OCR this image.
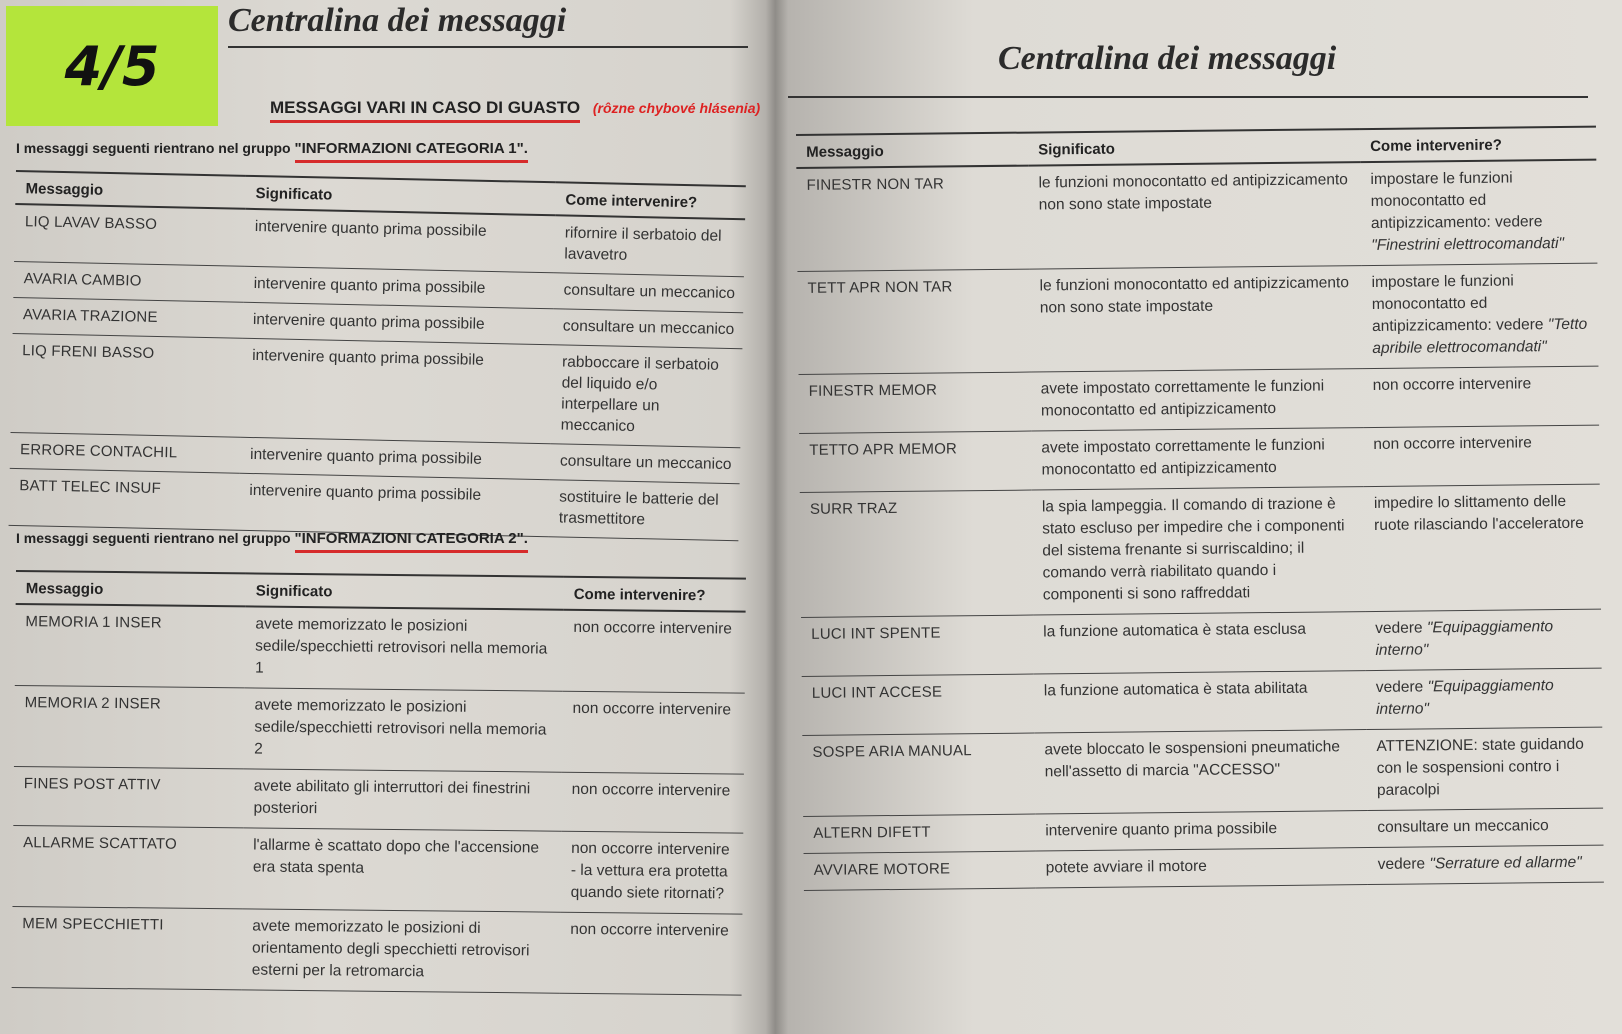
4/5
Centralina dei messaggi
MESSAGGI VARI IN CASO DI GUASTO (rôzne chybové hlásenia)
I messaggi seguenti rientrano nel gruppo "INFORMAZIONI CATEGORIA 1".
Messaggio	Significato	Come intervenire?
LIQ LAVAV BASSO	intervenire quanto prima possibile	rifornire il serbatoio del lavavetro
AVARIA CAMBIO	intervenire quanto prima possibile	consultare un meccanico
AVARIA TRAZIONE	intervenire quanto prima possibile	consultare un meccanico
LIQ FRENI BASSO	intervenire quanto prima possibile	rabboccare il serbatoio del liquido e/o interpellare un meccanico
ERRORE CONTACHIL	intervenire quanto prima possibile	consultare un meccanico
BATT TELEC INSUF	intervenire quanto prima possibile	sostituire le batterie del trasmettitore
I messaggi seguenti rientrano nel gruppo "INFORMAZIONI CATEGORIA 2".
Messaggio	Significato	Come intervenire?
MEMORIA 1 INSER	avete memorizzato le posizioni sedile/specchietti retrovisori nella memoria 1	non occorre intervenire
MEMORIA 2 INSER	avete memorizzato le posizioni sedile/specchietti retrovisori nella memoria 2	non occorre intervenire
FINES POST ATTIV	avete abilitato gli interruttori dei finestrini posteriori	non occorre intervenire
ALLARME SCATTATO	l'allarme è scattato dopo che l'accensione era stata spenta	non occorre intervenire - la vettura era protetta quando siete ritornati?
MEM SPECCHIETTI	avete memorizzato le posizioni di orientamento degli specchietti retrovisori esterni per la retromarcia	non occorre intervenire
Centralina dei messaggi
Messaggio	Significato	Come intervenire?
FINESTR NON TAR	le funzioni monocontatto ed antipizzicamento non sono state impostate	impostare le funzioni monocontatto ed antipizzicamento: vedere "Finestrini elettrocomandati"
TETT APR NON TAR	le funzioni monocontatto ed antipizzicamento non sono state impostate	impostare le funzioni monocontatto ed antipizzicamento: vedere "Tetto apribile elettrocomandati"
FINESTR MEMOR	avete impostato correttamente le funzioni monocontatto ed antipizzicamento	non occorre intervenire
TETTO APR MEMOR	avete impostato correttamente le funzioni monocontatto ed antipizzicamento	non occorre intervenire
SURR TRAZ	la spia lampeggia. Il comando di trazione è stato escluso per impedire che i componenti del sistema frenante si surriscaldino; il comando verrà riabilitato quando i componenti si sono raffreddati	impedire lo slittamento delle ruote rilasciando l'acceleratore
LUCI INT SPENTE	la funzione automatica è stata esclusa	vedere "Equipaggiamento interno"
LUCI INT ACCESE	la funzione automatica è stata abilitata	vedere "Equipaggiamento interno"
SOSPE ARIA MANUAL	avete bloccato le sospensioni pneumatiche nell'assetto di marcia "ACCESSO"	ATTENZIONE: state guidando con le sospensioni contro i paracolpi
ALTERN DIFETT	intervenire quanto prima possibile	consultare un meccanico
AVVIARE MOTORE	potete avviare il motore	vedere "Serrature ed allarme"
